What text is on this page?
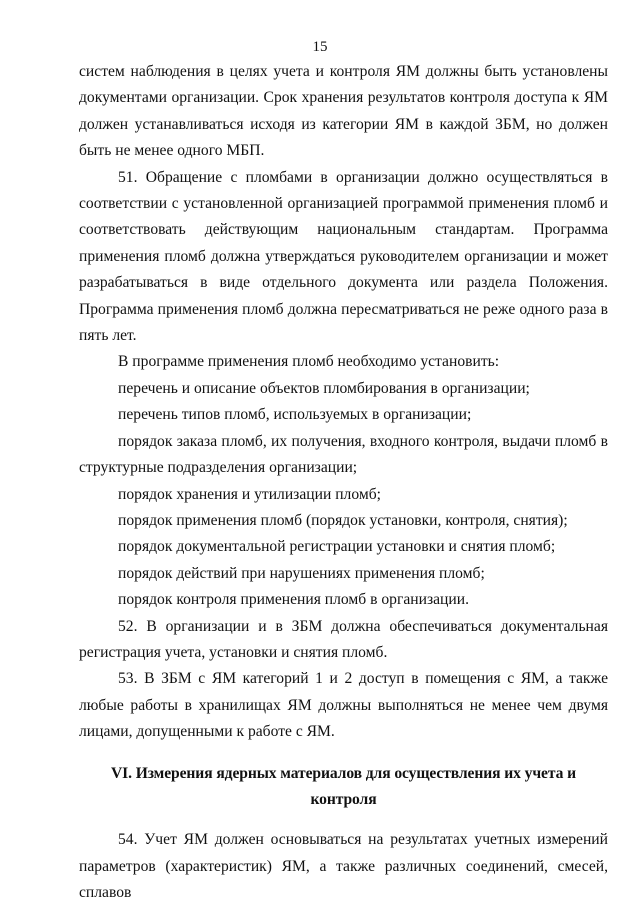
15

систем наблюдения в целях учета и контроля ЯМ должны быть установлены документами организации. Срок хранения результатов контроля доступа к ЯМ должен устанавливаться исходя из категории ЯМ в каждой ЗБМ, но должен быть не менее одного МБП.

51. Обращение с пломбами в организации должно осуществляться в соответствии с установленной организацией программой применения пломб и соответствовать действующим национальным стандартам. Программа применения пломб должна утверждаться руководителем организации и может разрабатываться в виде отдельного документа или раздела Положения. Программа применения пломб должна пересматриваться не реже одного раза в пять лет.

В программе применения пломб необходимо установить:

перечень и описание объектов пломбирования в организации;

перечень типов пломб, используемых в организации;

порядок заказа пломб, их получения, входного контроля, выдачи пломб в структурные подразделения организации;

порядок хранения и утилизации пломб;

порядок применения пломб (порядок установки, контроля, снятия);

порядок документальной регистрации установки и снятия пломб;

порядок действий при нарушениях применения пломб;

порядок контроля применения пломб в организации.

52. В организации и в ЗБМ должна обеспечиваться документальная регистрация учета, установки и снятия пломб.

53. В ЗБМ с ЯМ категорий 1 и 2 доступ в помещения с ЯМ, а также любые работы в хранилищах ЯМ должны выполняться не менее чем двумя лицами, допущенными к работе с ЯМ.

VI. Измерения ядерных материалов для осуществления их учета и контроля

54. Учет ЯМ должен основываться на результатах учетных измерений параметров (характеристик) ЯМ, а также различных соединений, смесей, сплавов
